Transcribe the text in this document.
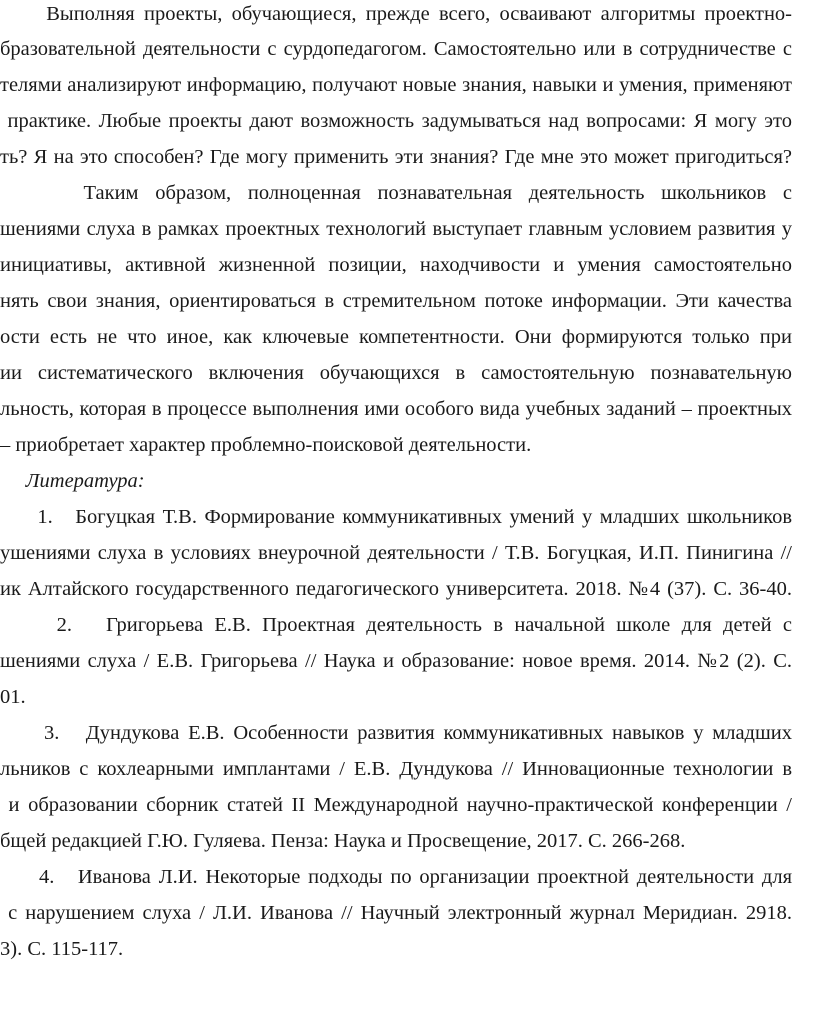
Выполняя проекты, обучающиеся, прежде всего, осваивают алгоритмы проектно-
бразовательной деятельности с сурдопедагогом. Самостоятельно или в сотрудничестве с
телями анализируют информацию, получают новые знания, навыки и умения, применяют
практике. Любые проекты дают возможность задумываться над вопросами: Я могу это
ть? Я на это способен? Где могу применить эти знания? Где мне это может пригодиться?
Таким образом, полноценная познавательная деятельность школьников с
шениями слуха в рамках проектных технологий выступает главным условием развития у
инициативы, активной жизненной позиции, находчивости и умения самостоятельно
нять свои знания, ориентироваться в стремительном потоке информации. Эти качества
ости есть не что иное, как ключевые компетентности. Они формируются только при
ии систематического включения обучающихся в самостоятельную познавательную
льность, которая в процессе выполнения ими особого вида учебных заданий – проектных
– приобретает характер проблемно-поисковой деятельности.
Литература:
1.   Богуцкая Т.В. Формирование коммуникативных умений у младших школьников
ушениями слуха в условиях внеурочной деятельности / Т.В. Богуцкая, И.П. Пинигина //
ик Алтайского государственного педагогического университета. 2018. №4 (37). С. 36-40.
2.   Григорьева Е.В. Проектная деятельность в начальной школе для детей с
шениями слуха / Е.В. Григорьева // Наука и образование: новое время. 2014. №2 (2). С.
01.
3.   Дундукова Е.В. Особенности развития коммуникативных навыков у младших
льников с кохлеарными имплантами / Е.В. Дундукова // Инновационные технологии в
и образовании сборник статей II Международной научно-практической конференции /
бщей редакцией Г.Ю. Гуляева. Пенза: Наука и Просвещение, 2017. С. 266-268.
4.   Иванова Л.И. Некоторые подходы по организации проектной деятельности для
с нарушением слуха / Л.И. Иванова // Научный электронный журнал Меридиан. 2918.
3). С. 115-117.
